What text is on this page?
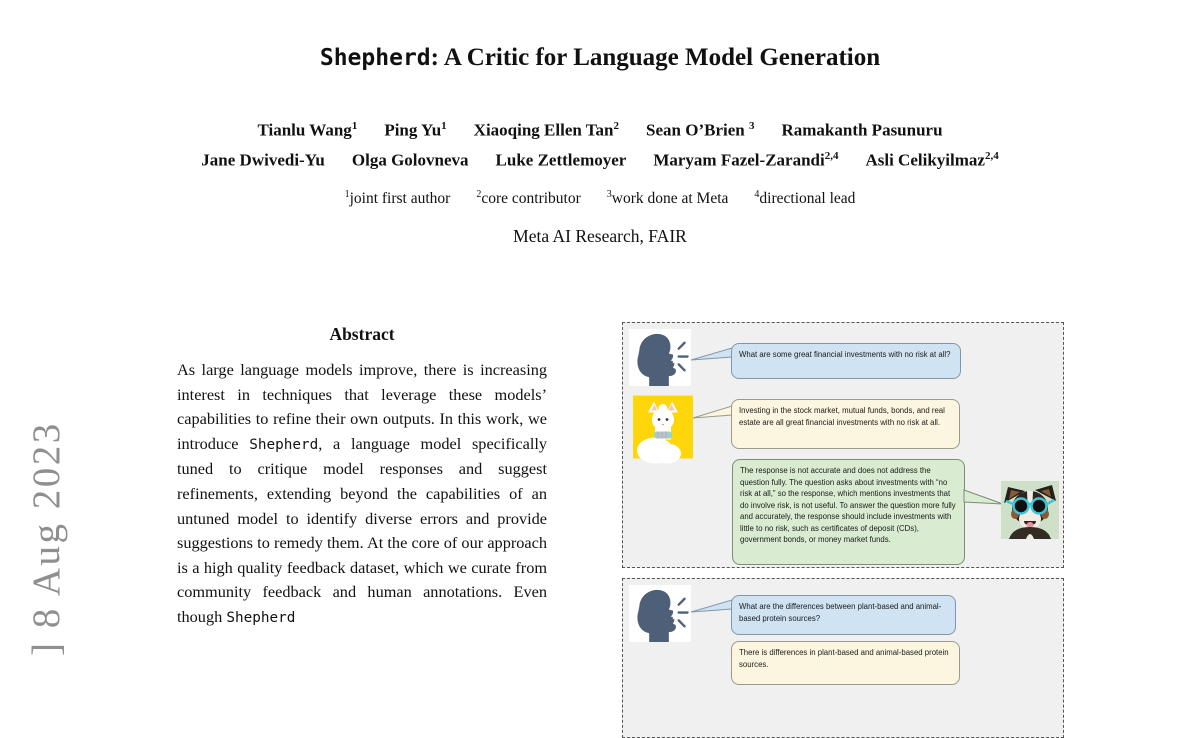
] 8 Aug 2023
Shepherd: A Critic for Language Model Generation
Tianlu Wang$^1$ Ping Yu$^1$ Xiaoqing Ellen Tan$^2$ Sean O’Brien $^3$ Ramakanth Pasunuru
Jane Dwivedi-Yu Olga Golovneva Luke Zettlemoyer Maryam Fazel-Zarandi$^{2,4}$ Asli Celikyilmaz$^{2,4}$
$^1$joint first author	$^2$core contributor	$^3$work done at Meta	$^4$directional lead
Meta AI Research, FAIR
Abstract
As large language models improve, there is increasing interest in techniques that leverage these models’ capabilities to refine their own outputs. In this work, we introduce Shepherd, a language model specifically tuned to critique model responses and suggest refinements, extending beyond the capabilities of an untuned model to identify diverse errors and provide suggestions to remedy them. At the core of our approach is a high quality feedback dataset, which we curate from community feedback and human annotations. Even though Shepherd
What are some great financial investments with no risk at all?
Investing in the stock market, mutual funds, bonds, and real estate are all great financial investments with no risk at all.
The response is not accurate and does not address the question fully. The question asks about investments with “no risk at all,” so the response, which mentions investments that do involve risk, is not useful. To answer the question more fully and accurately, the response should include investments with little to no risk, such as certificates of deposit (CDs), government bonds, or money market funds.
What are the differences between plant-based and animal-based protein sources?
There is differences in plant-based and animal-based protein sources.
